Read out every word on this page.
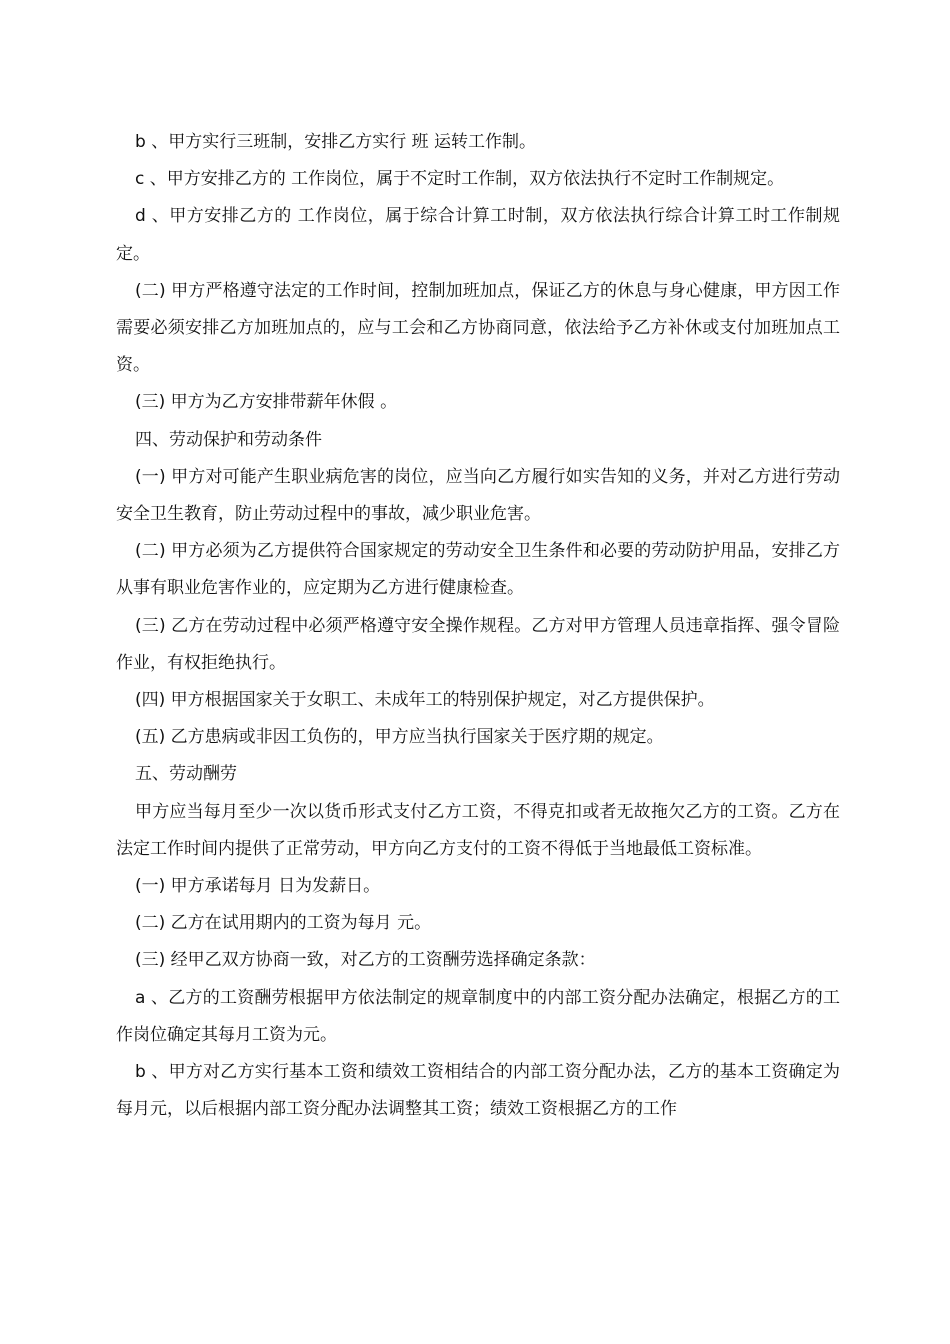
b 、甲方实行三班制，安排乙方实行 班 运转工作制。

c 、甲方安排乙方的 工作岗位，属于不定时工作制，双方依法执行不定时工作制规定。

d 、甲方安排乙方的 工作岗位，属于综合计算工时制，双方依法执行综合计算工时工作制规定。

(二) 甲方严格遵守法定的工作时间，控制加班加点，保证乙方的休息与身心健康，甲方因工作需要必须安排乙方加班加点的，应与工会和乙方协商同意，依法给予乙方补休或支付加班加点工资。

(三) 甲方为乙方安排带薪年休假 。

四、劳动保护和劳动条件

(一) 甲方对可能产生职业病危害的岗位，应当向乙方履行如实告知的义务，并对乙方进行劳动安全卫生教育，防止劳动过程中的事故，减少职业危害。

(二) 甲方必须为乙方提供符合国家规定的劳动安全卫生条件和必要的劳动防护用品，安排乙方从事有职业危害作业的，应定期为乙方进行健康检查。

(三) 乙方在劳动过程中必须严格遵守安全操作规程。乙方对甲方管理人员违章指挥、强令冒险作业，有权拒绝执行。

(四) 甲方根据国家关于女职工、未成年工的特别保护规定，对乙方提供保护。

(五) 乙方患病或非因工负伤的，甲方应当执行国家关于医疗期的规定。

五、劳动酬劳

甲方应当每月至少一次以货币形式支付乙方工资，不得克扣或者无故拖欠乙方的工资。乙方在法定工作时间内提供了正常劳动，甲方向乙方支付的工资不得低于当地最低工资标准。

(一) 甲方承诺每月 日为发薪日。

(二) 乙方在试用期内的工资为每月 元。

(三) 经甲乙双方协商一致，对乙方的工资酬劳选择确定条款：

a 、乙方的工资酬劳根据甲方依法制定的规章制度中的内部工资分配办法确定，根据乙方的工作岗位确定其每月工资为元。

b 、甲方对乙方实行基本工资和绩效工资相结合的内部工资分配办法，乙方的基本工资确定为每月元，以后根据内部工资分配办法调整其工资；绩效工资根据乙方的工作
